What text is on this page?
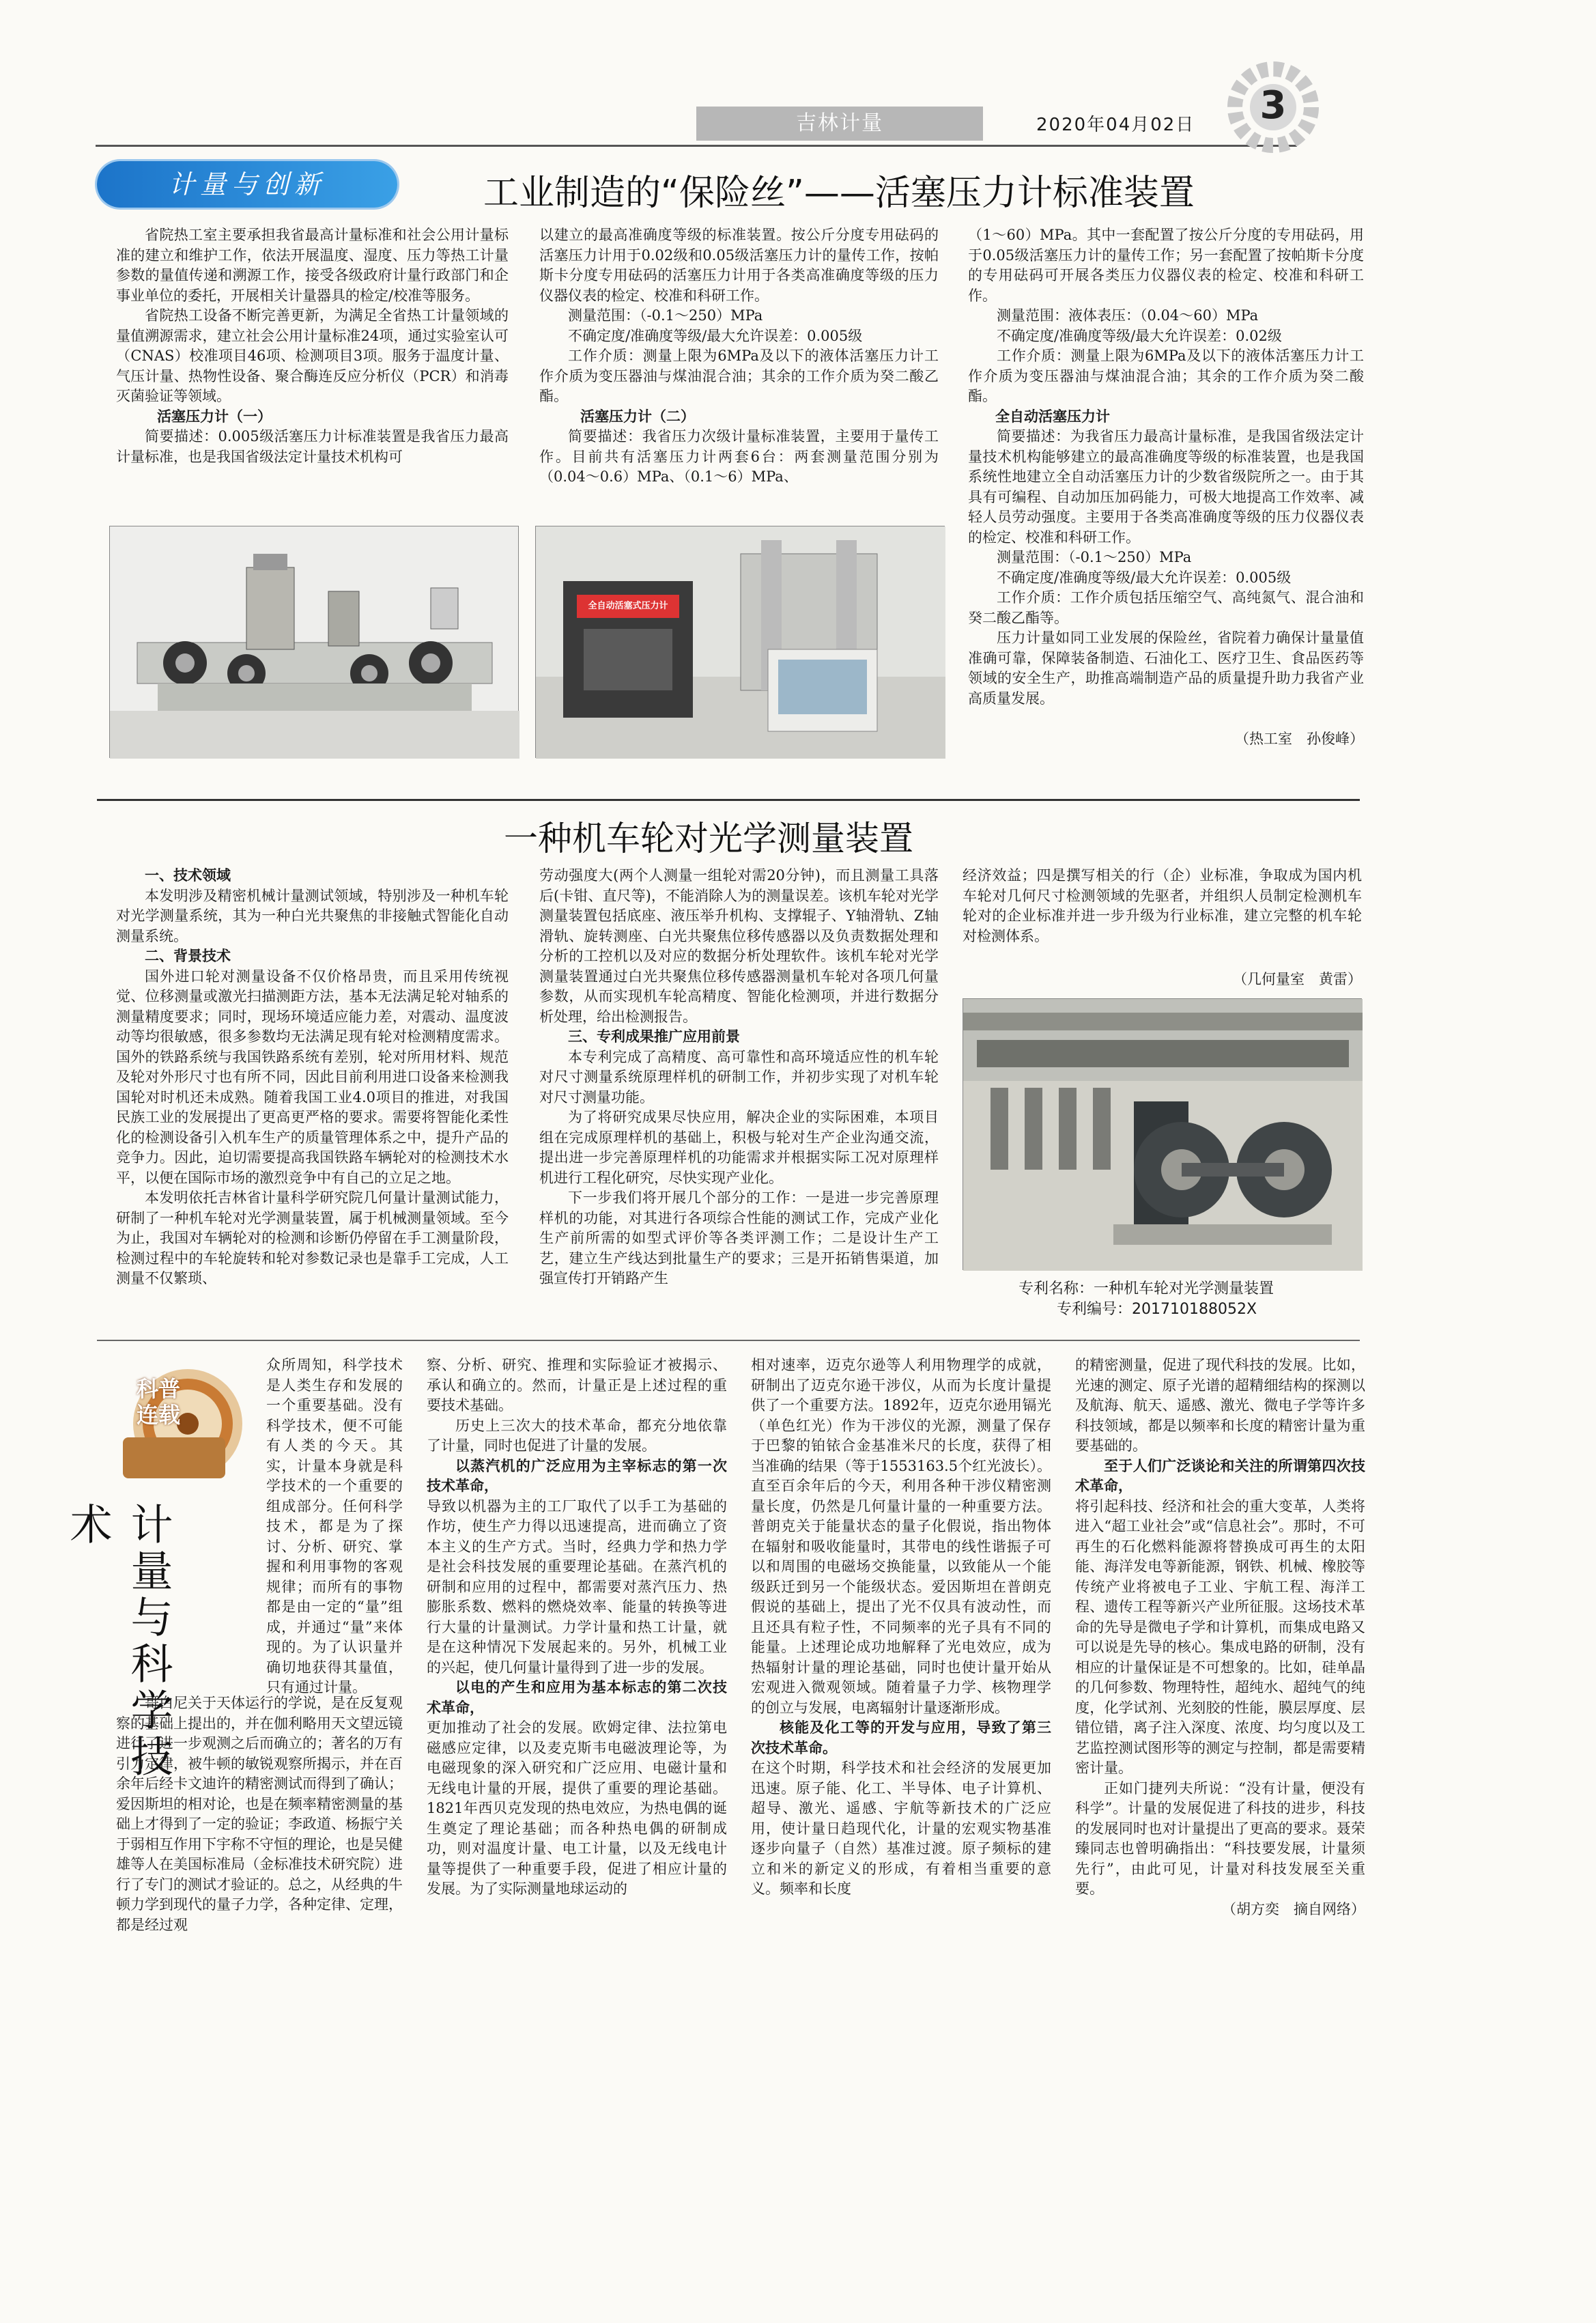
吉林计量	2020年04月02日	3
计量与创新	工业制造的“保险丝”——活塞压力计标准装置

省院热工室主要承担我省最高计量标准和社会公用计量标准的建立和维护工作，依法开展温度、湿度、压力等热工计量参数的量值传递和溯源工作，接受各级政府计量行政部门和企事业单位的委托，开展相关计量器具的检定/校准等服务。

省院热工设备不断完善更新，为满足全省热工计量领域的量值溯源需求，建立社会公用计量标准24项，通过实验室认可（CNAS）校准项目46项、检测项目3项。服务于温度计量、气压计量、热物性设备、聚合酶连反应分析仪（PCR）和消毒灭菌验证等领域。

活塞压力计（一）

简要描述：0.005级活塞压力计标准装置是我省压力最高计量标准，也是我国省级法定计量技术机构可

以建立的最高准确度等级的标准装置。按公斤分度专用砝码的活塞压力计用于0.02级和0.05级活塞压力计的量传工作，按帕斯卡分度专用砝码的活塞压力计用于各类高准确度等级的压力仪器仪表的检定、校准和科研工作。

测量范围：（-0.1～250）MPa

不确定度/准确度等级/最大允许误差：0.005级

工作介质：测量上限为6MPa及以下的液体活塞压力计工作介质为变压器油与煤油混合油；其余的工作介质为癸二酸乙酯。

活塞压力计（二）

简要描述：我省压力次级计量标准装置，主要用于量传工作。目前共有活塞压力计两套6台：两套测量范围分别为（0.04～0.6）MPa、（0.1～6）MPa、

（1～60）MPa。其中一套配置了按公斤分度的专用砝码，用于0.05级活塞压力计的量传工作；另一套配置了按帕斯卡分度的专用砝码可开展各类压力仪器仪表的检定、校准和科研工作。

测量范围：液体表压：（0.04～60）MPa

不确定度/准确度等级/最大允许误差：0.02级

工作介质：测量上限为6MPa及以下的液体活塞压力计工作介质为变压器油与煤油混合油；其余的工作介质为癸二酸酯。

全自动活塞压力计

简要描述：为我省压力最高计量标准，是我国省级法定计量技术机构能够建立的最高准确度等级的标准装置，也是我国系统性地建立全自动活塞压力计的少数省级院所之一。由于其具有可编程、自动加压加码能力，可极大地提高工作效率、减轻人员劳动强度。主要用于各类高准确度等级的压力仪器仪表的检定、校准和科研工作。

测量范围：（-0.1～250）MPa

不确定度/准确度等级/最大允许误差：0.005级

工作介质：工作介质包括压缩空气、高纯氮气、混合油和癸二酸乙酯等。

压力计量如同工业发展的保险丝，省院着力确保计量量值准确可靠，保障装备制造、石油化工、医疗卫生、食品医药等领域的安全生产，助推高端制造产品的质量提升助力我省产业高质量发展。

（热工室　孙俊峰）

全自动活塞式压力计
一种机车轮对光学测量装置

一、技术领域

本发明涉及精密机械计量测试领域，特别涉及一种机车轮对光学测量系统，其为一种白光共聚焦的非接触式智能化自动测量系统。

二、背景技术

国外进口轮对测量设备不仅价格昂贵，而且采用传统视觉、位移测量或激光扫描测距方法，基本无法满足轮对轴系的测量精度要求；同时，现场环境适应能力差，对震动、温度波动等均很敏感，很多参数均无法满足现有轮对检测精度需求。国外的铁路系统与我国铁路系统有差别，轮对所用材料、规范及轮对外形尺寸也有所不同，因此目前利用进口设备来检测我国轮对时机还未成熟。随着我国工业4.0项目的推进，对我国民族工业的发展提出了更高更严格的要求。需要将智能化柔性化的检测设备引入机车生产的质量管理体系之中，提升产品的竞争力。因此，迫切需要提高我国铁路车辆轮对的检测技术水平，以便在国际市场的激烈竞争中有自己的立足之地。

本发明依托吉林省计量科学研究院几何量计量测试能力，研制了一种机车轮对光学测量装置，属于机械测量领域。至今为止，我国对车辆轮对的检测和诊断仍停留在手工测量阶段，检测过程中的车轮旋转和轮对参数记录也是靠手工完成，人工测量不仅繁琐、

劳动强度大(两个人测量一组轮对需20分钟)，而且测量工具落后(卡钳、直尺等)，不能消除人为的测量误差。该机车轮对光学测量装置包括底座、液压举升机构、支撑辊子、Y轴滑轨、Z轴滑轨、旋转测座、白光共聚焦位移传感器以及负责数据处理和分析的工控机以及对应的数据分析处理软件。该机车轮对光学测量装置通过白光共聚焦位移传感器测量机车轮对各项几何量参数，从而实现机车轮高精度、智能化检测项，并进行数据分析处理，给出检测报告。

三、专利成果推广应用前景

本专利完成了高精度、高可靠性和高环境适应性的机车轮对尺寸测量系统原理样机的研制工作，并初步实现了对机车轮对尺寸测量功能。

为了将研究成果尽快应用，解决企业的实际困难，本项目组在完成原理样机的基础上，积极与轮对生产企业沟通交流，提出进一步完善原理样机的功能需求并根据实际工况对原理样机进行工程化研究，尽快实现产业化。

下一步我们将开展几个部分的工作：一是进一步完善原理样机的功能，对其进行各项综合性能的测试工作，完成产业化生产前所需的如型式评价等各类评测工作；二是设计生产工艺，建立生产线达到批量生产的要求；三是开拓销售渠道，加强宣传打开销路产生

经济效益；四是撰写相关的行（企）业标准，争取成为国内机车轮对几何尺寸检测领域的先驱者，并组织人员制定检测机车轮对的企业标准并进一步升级为行业标准，建立完整的机车轮对检测体系。

（几何量室　黄雷）
专利名称：一种机车轮对光学测量装置
专利编号：201710188052X
科普连载
计量与科学技术
众所周知，科学技术是人类生存和发展的一个重要基础。没有科学技术，便不可能有人类的今天。其实，计量本身就是科学技术的一个重要的组成部分。任何科学技术，都是为了探讨、分析、研究、掌握和利用事物的客观规律；而所有的事物都是由一定的“量”组成，并通过“量”来体现的。为了认识量并确切地获得其量值，只有通过计量。
哥白尼关于天体运行的学说，是在反复观察的基础上提出的，并在伽利略用天文望远镜进行了进一步观测之后而确立的；著名的万有引力定律，被牛顿的敏锐观察所揭示，并在百余年后经卡文迪许的精密测试而得到了确认；爱因斯坦的相对论，也是在频率精密测量的基础上才得到了一定的验证；李政道、杨振宁关于弱相互作用下宇称不守恒的理论，也是吴健雄等人在美国标准局（金标准技术研究院）进行了专门的测试才验证的。总之，从经典的牛顿力学到现代的量子力学，各种定律、定理，都是经过观

察、分析、研究、推理和实际验证才被揭示、承认和确立的。然而，计量正是上述过程的重要技术基础。

历史上三次大的技术革命，都充分地依靠了计量，同时也促进了计量的发展。

以蒸汽机的广泛应用为主宰标志的第一次技术革命，

导致以机器为主的工厂取代了以手工为基础的作坊，使生产力得以迅速提高，进而确立了资本主义的生产方式。当时，经典力学和热力学是社会科技发展的重要理论基础。在蒸汽机的研制和应用的过程中，都需要对蒸汽压力、热膨胀系数、燃料的燃烧效率、能量的转换等进行大量的计量测试。力学计量和热工计量，就是在这种情况下发展起来的。另外，机械工业的兴起，使几何量计量得到了进一步的发展。

以电的产生和应用为基本标志的第二次技术革命，

更加推动了社会的发展。欧姆定律、法拉第电磁感应定律，以及麦克斯韦电磁波理论等，为电磁现象的深入研究和广泛应用、电磁计量和无线电计量的开展，提供了重要的理论基础。1821年西贝克发现的热电效应，为热电偶的诞生奠定了理论基础；而各种热电偶的研制成功，则对温度计量、电工计量，以及无线电计量等提供了一种重要手段，促进了相应计量的发展。为了实际测量地球运动的

相对速率，迈克尔逊等人利用物理学的成就，研制出了迈克尔逊干涉仪，从而为长度计量提供了一个重要方法。1892年，迈克尔逊用镉光（单色红光）作为干涉仪的光源，测量了保存于巴黎的铂铱合金基准米尺的长度，获得了相当准确的结果（等于1553163.5个红光波长）。直至百余年后的今天，利用各种干涉仪精密测量长度，仍然是几何量计量的一种重要方法。普朗克关于能量状态的量子化假说，指出物体在辐射和吸收能量时，其带电的线性谐振子可以和周围的电磁场交换能量，以致能从一个能级跃迁到另一个能级状态。爱因斯坦在普朗克假说的基础上，提出了光不仅具有波动性，而且还具有粒子性，不同频率的光子具有不同的能量。上述理论成功地解释了光电效应，成为热辐射计量的理论基础，同时也使计量开始从宏观进入微观领域。随着量子力学、核物理学的创立与发展，电离辐射计量逐渐形成。

核能及化工等的开发与应用，导致了第三次技术革命。

在这个时期，科学技术和社会经济的发展更加迅速。原子能、化工、半导体、电子计算机、超导、激光、遥感、宇航等新技术的广泛应用，使计量日趋现代化，计量的宏观实物基准逐步向量子（自然）基准过渡。原子频标的建立和米的新定义的形成，有着相当重要的意义。频率和长度

的精密测量，促进了现代科技的发展。比如，光速的测定、原子光谱的超精细结构的探测以及航海、航天、遥感、激光、微电子学等许多科技领域，都是以频率和长度的精密计量为重要基础的。

至于人们广泛谈论和关注的所谓第四次技术革命，

将引起科技、经济和社会的重大变革，人类将进入“超工业社会”或“信息社会”。那时，不可再生的石化燃料能源将替换成可再生的太阳能、海洋发电等新能源，钢铁、机械、橡胶等传统产业将被电子工业、宇航工程、海洋工程、遗传工程等新兴产业所征服。这场技术革命的先导是微电子学和计算机，而集成电路又可以说是先导的核心。集成电路的研制，没有相应的计量保证是不可想象的。比如，硅单晶的几何参数、物理特性，超纯水、超纯气的纯度，化学试剂、光刻胶的性能，膜层厚度、层错位错，离子注入深度、浓度、均匀度以及工艺监控测试图形等的测定与控制，都是需要精密计量。

正如门捷列夫所说：“没有计量，便没有科学”。计量的发展促进了科技的进步，科技的发展同时也对计量提出了更高的要求。聂荣臻同志也曾明确指出：“科技要发展，计量须先行”，由此可见，计量对科技发展至关重要。

（胡方奕　摘自网络）
